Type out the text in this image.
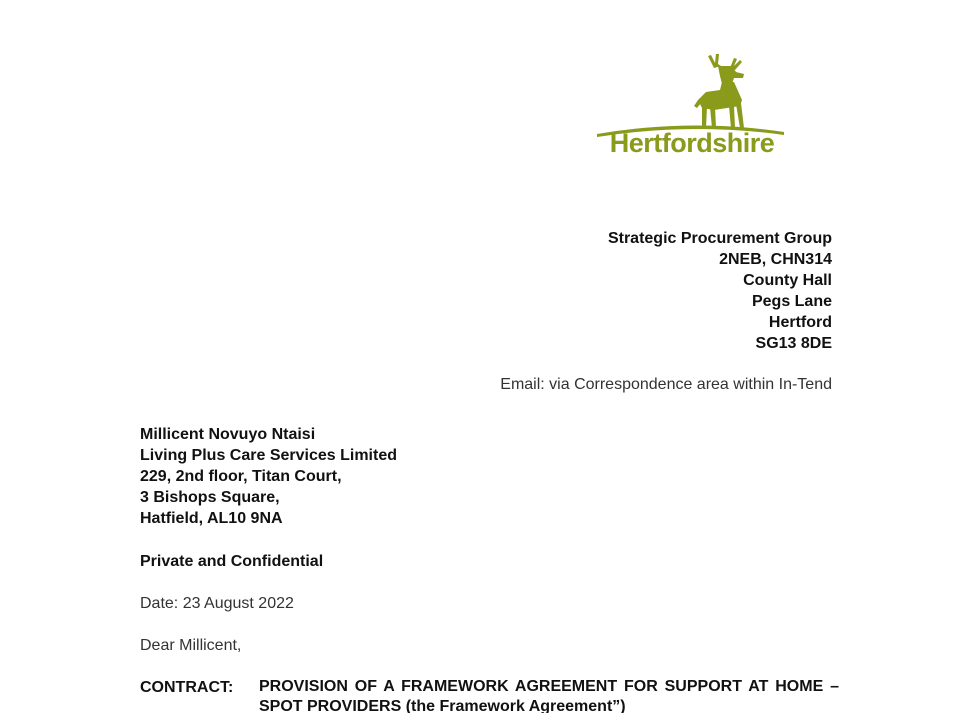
Hertfordshire
Strategic Procurement Group
2NEB, CHN314
County Hall
Pegs Lane
Hertford
SG13 8DE
Email: via Correspondence area within In-Tend
Millicent Novuyo Ntaisi
Living Plus Care Services Limited
229, 2nd floor, Titan Court,
3 Bishops Square,
Hatfield, AL10 9NA
Private and Confidential
Date: 23 August 2022
Dear Millicent,
CONTRACT: PROVISION OF A FRAMEWORK AGREEMENT FOR SUPPORT AT HOME – SPOT PROVIDERS (the Framework Agreement”)
